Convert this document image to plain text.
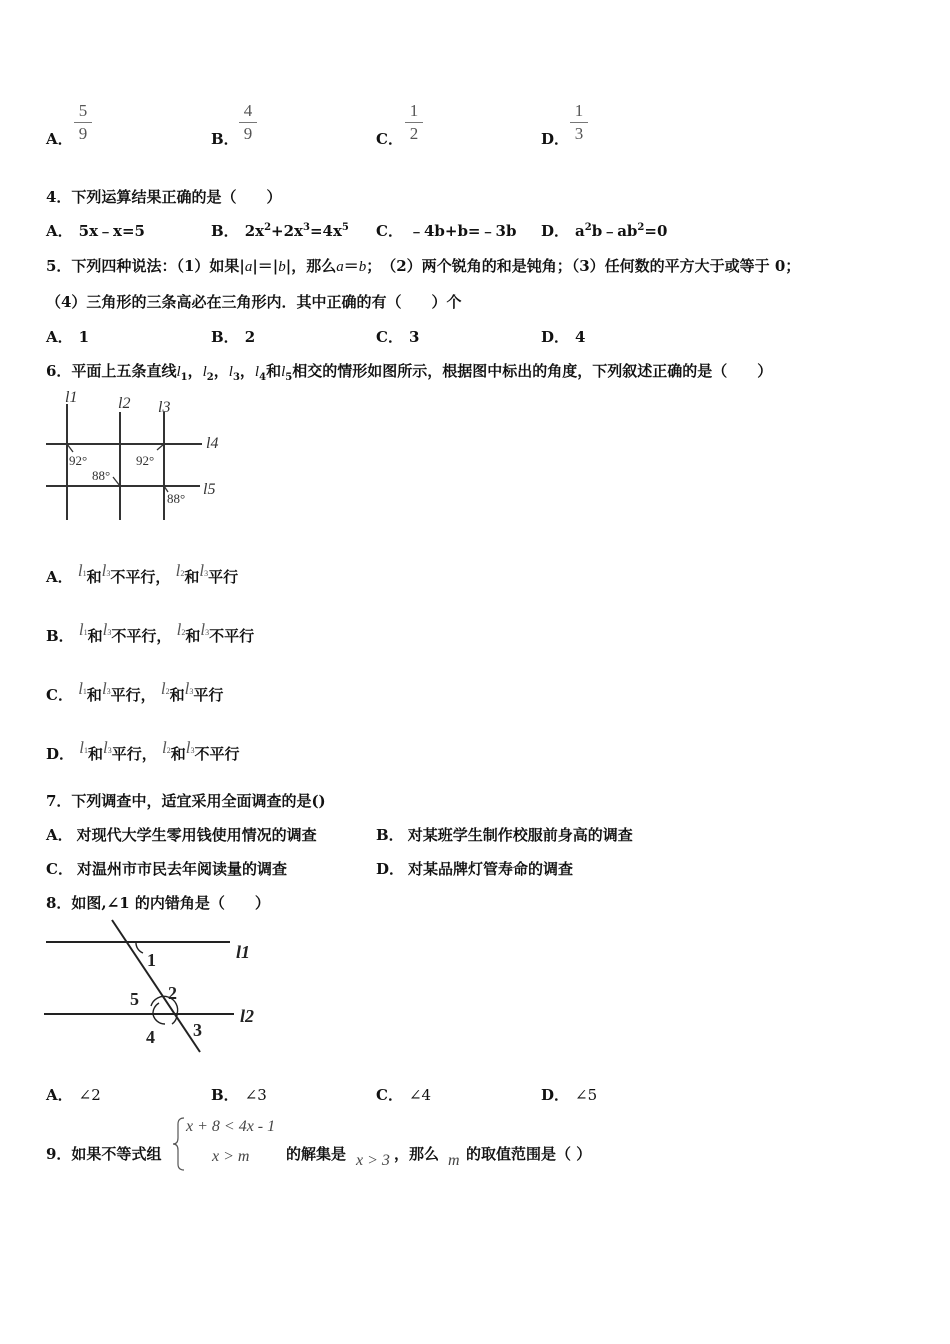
A． $\frac{5}{9}$	B． $\frac{4}{9}$	C． $\frac{1}{2}$	D． $\frac{1}{3}$
4．下列运算结果正确的是（　　）
A． 5x﹣x=5	B． $2x^2+2x^3=4x^5$ C． ﹣4b+b=﹣3b D． $a^2b﹣ab^2=0$
5．下列四种说法：（1）如果|a|＝|b|，那么a＝b；　（2）两个锐角的和是钝角；（3）任何数的平方大于或等于 0；
（4）三角形的三条高必在三角形内．其中正确的有（　　）个
A． 1	B． 2	C． 3	D． 4
6．平面上五条直线$l_1$，$l_2$，$l_3$，$l_4$和$l_5$相交的情形如图所示，根据图中标出的角度，下列叙述正确的是（　　）
l1	l2 l3
l4
l5
92°
88°
92°
88°
A． l1和l3不平行， l2和l3平行
B． l1和l3不平行， l2和l3不平行
C． l1和l3平行， l2和l3平行
D． l1和l3平行， l2和l3不平行
7．下列调查中，适宜采用全面调查的是()
A． 对现代大学生零用钱使用情况的调查	B． 对某班学生制作校服前身高的调查
C． 对温州市市民去年阅读量的调查	D． 对某品牌灯管寿命的调查
8．如图,∠1 的内错角是（　　）
l1
l2
1
2
3
4
5
A． ∠2	B． ∠3	C． ∠4	D． ∠5
9．如果不等式组
x + 8 < 4x - 1
x > m 的解集是 x > 3 ，那么 m 的取值范围是（ ）
